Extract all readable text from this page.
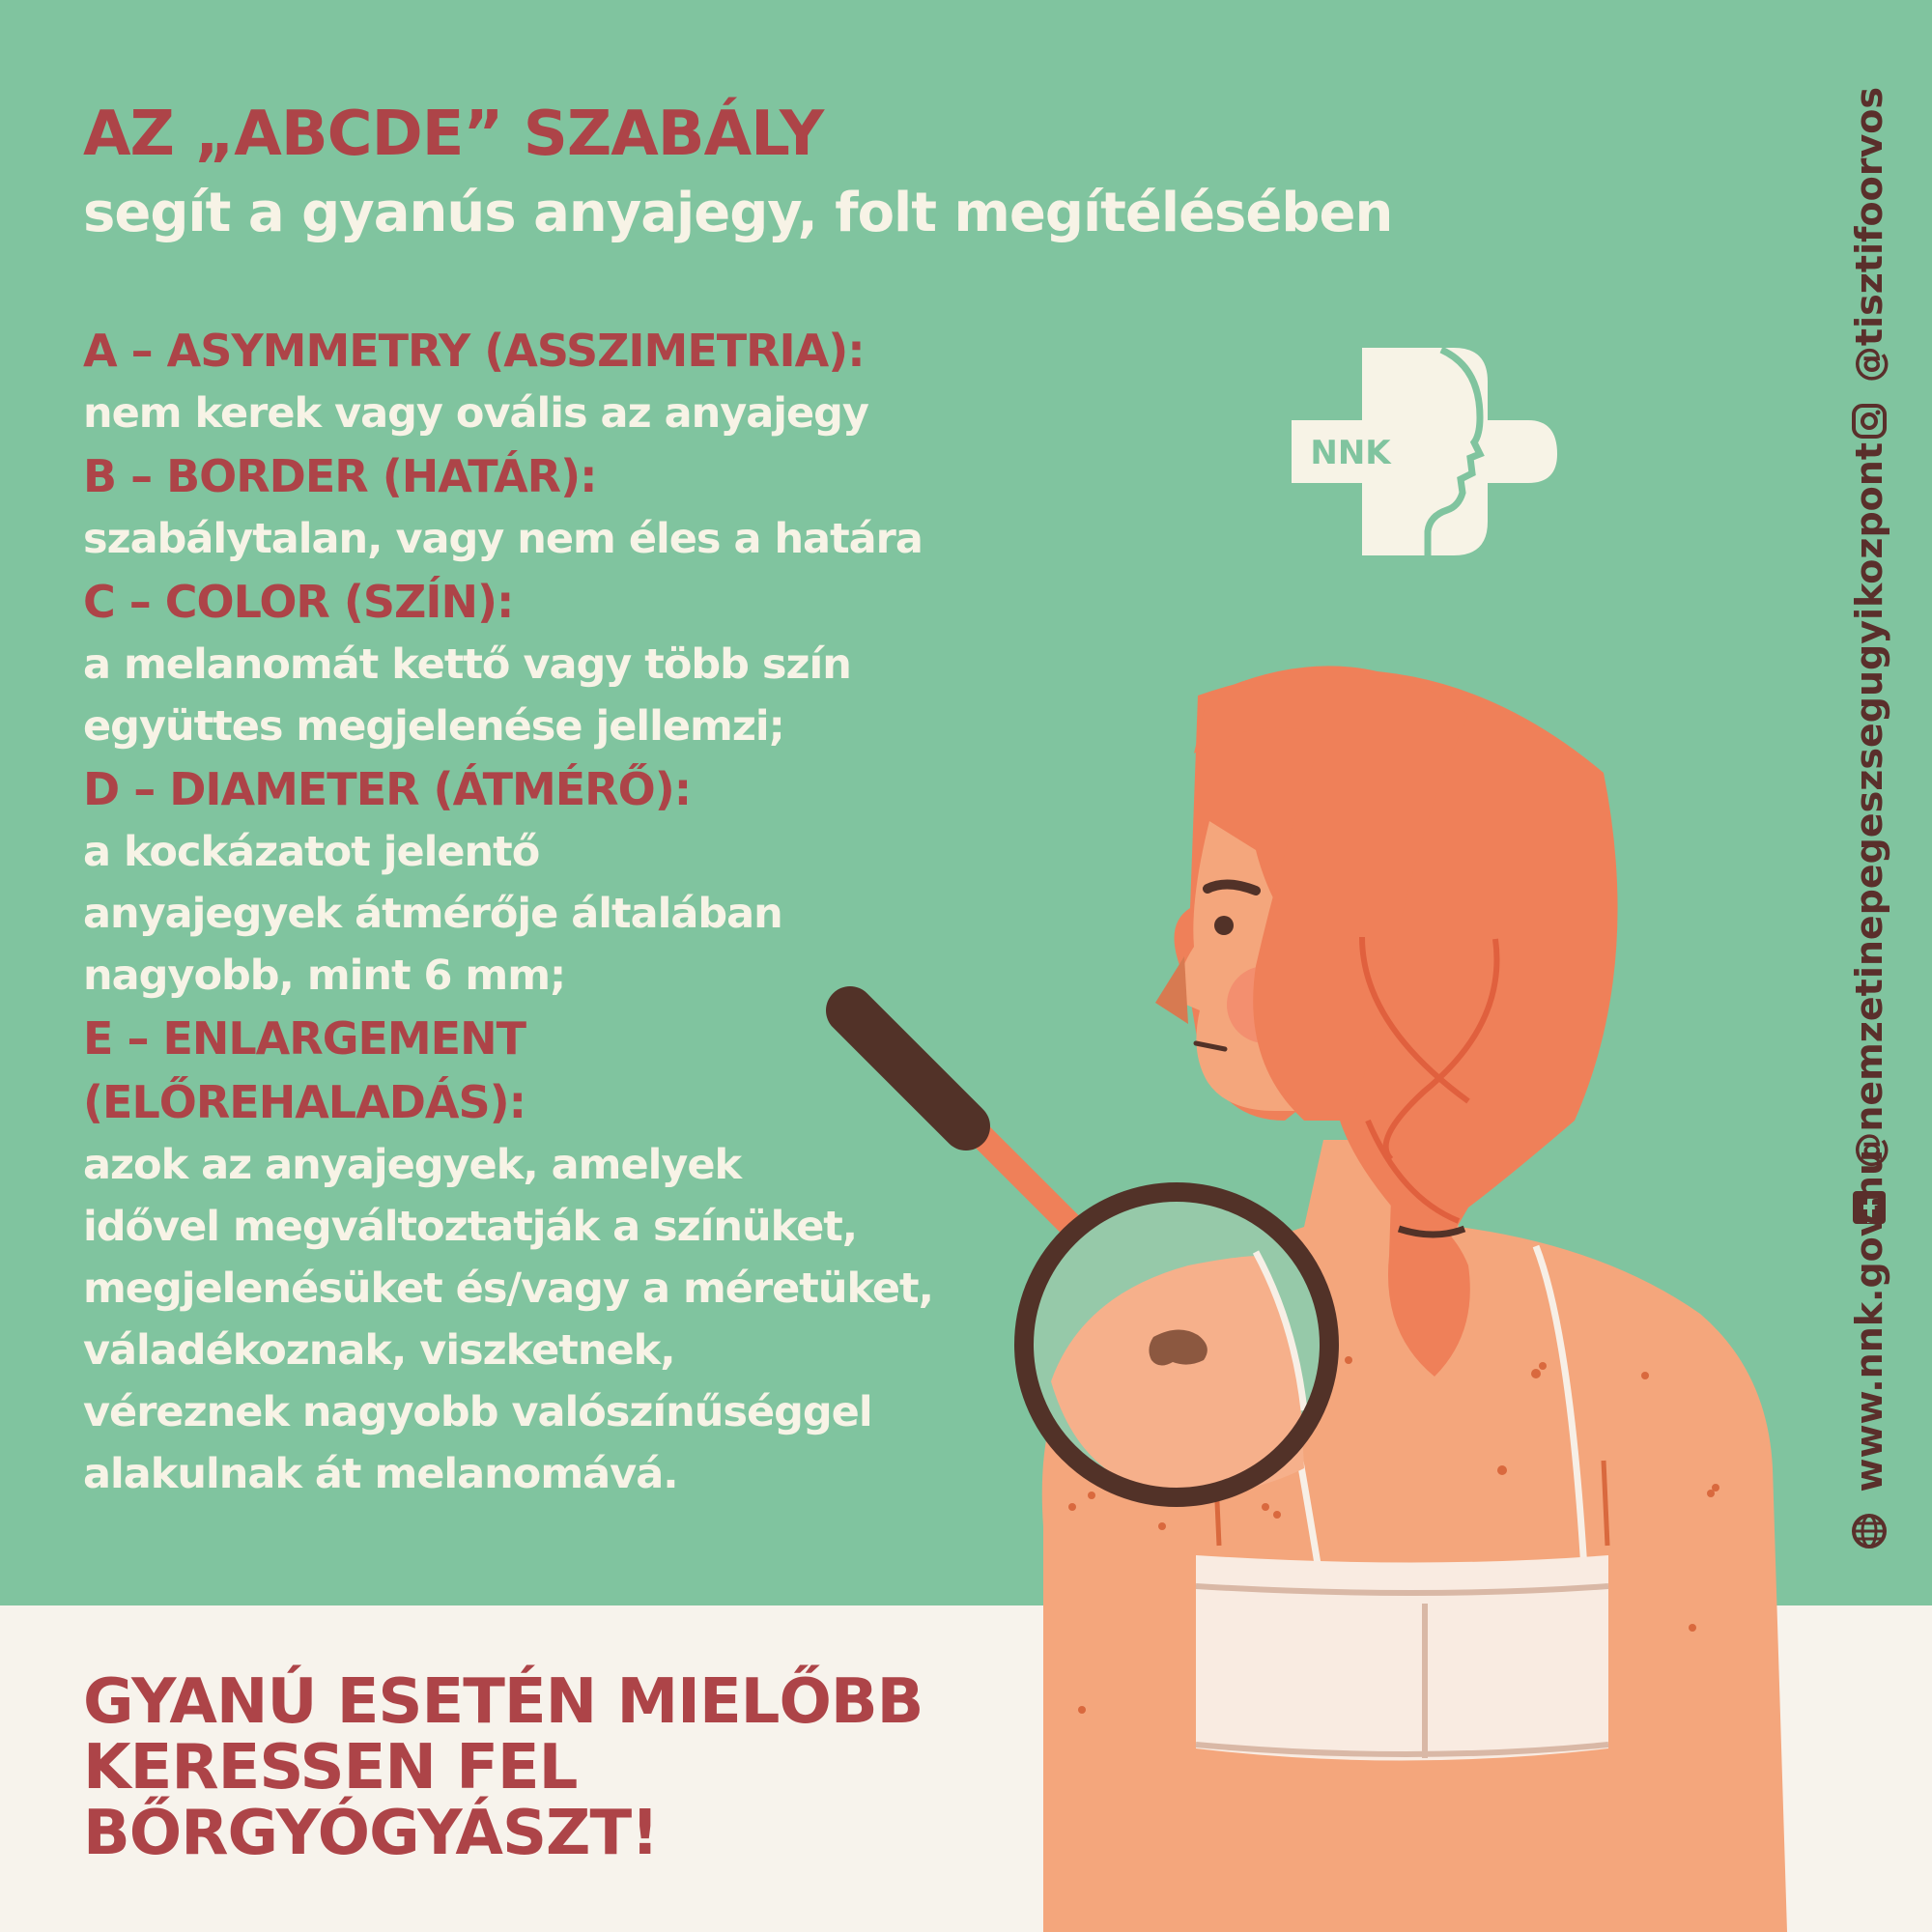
NNK
AZ „ABCDE” SZABÁLY
segít a gyanús anyajegy, folt megítélésében
A – ASYMMETRY (ASSZIMETRIA):
nem kerek vagy ovális az anyajegy
B – BORDER (HATÁR):
szabálytalan, vagy nem éles a határa
C – COLOR (SZÍN):
a melanomát kettő vagy több szín
együttes megjelenése jellemzi;
D – DIAMETER (ÁTMÉRŐ):
a kockázatot jelentő
anyajegyek átmérője általában
nagyobb, mint 6 mm;
E – ENLARGEMENT
(ELŐREHALADÁS):
azok az anyajegyek, amelyek
idővel megváltoztatják a színüket,
megjelenésüket és/vagy a méretüket,
váladékoznak, viszketnek,
véreznek nagyobb valószínűséggel
alakulnak át melanomává.
GYANÚ ESETÉN MIELŐBB
KERESSEN FEL
BŐRGYÓGYÁSZT!
@tisztifoorvos
@nemzetinepegeszsegugyikozpont
www.nnk.gov.hu
